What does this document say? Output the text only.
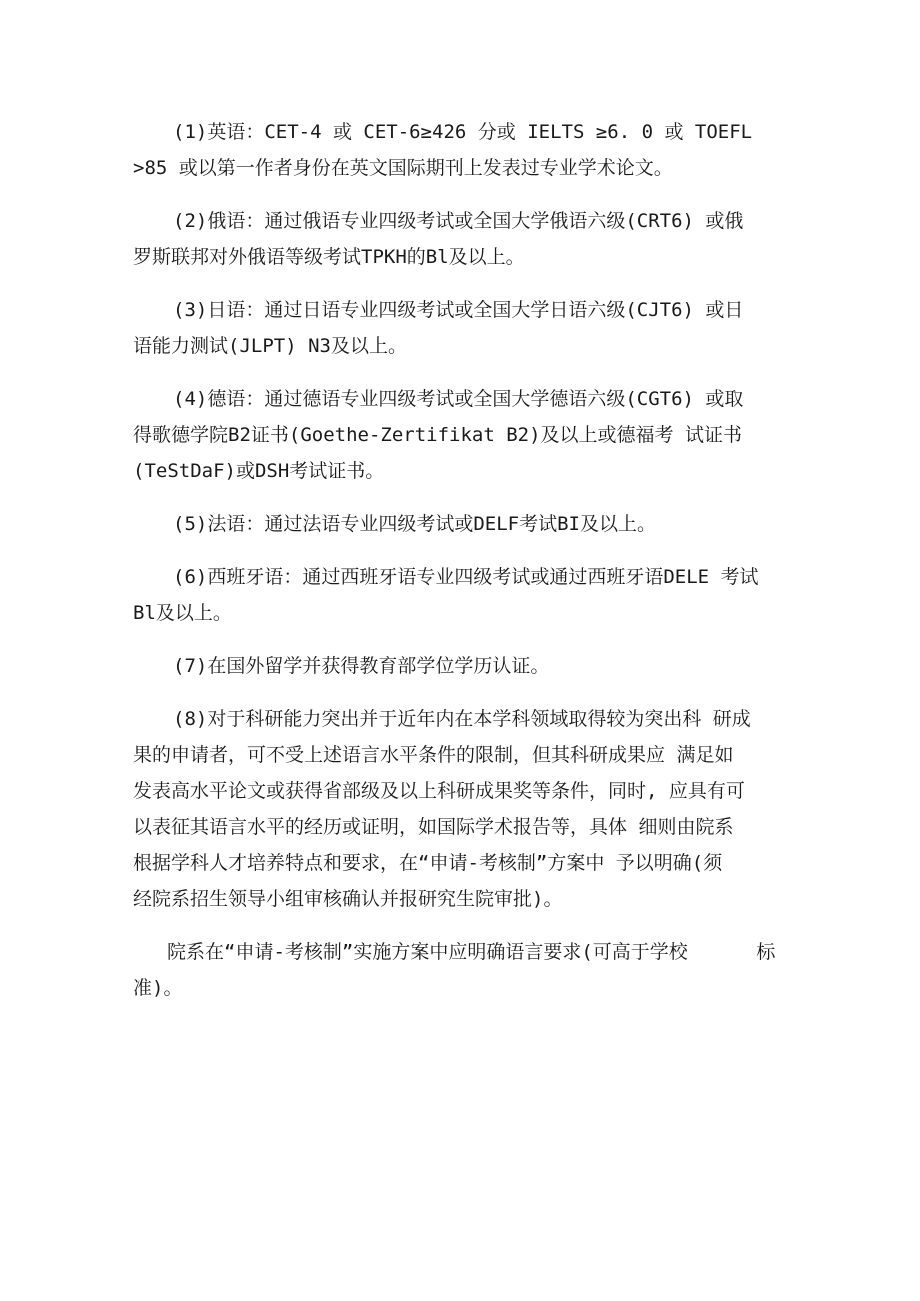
(1)英语：CET-4 或 CET-6≥426 分或 IELTS ≥6. 0 或 TOEFL
>85 或以第一作者身份在英文国际期刊上发表过专业学术论文。
(2)俄语：通过俄语专业四级考试或全国大学俄语六级(CRT6) 或俄
罗斯联邦对外俄语等级考试TPKH的Bl及以上。
(3)日语：通过日语专业四级考试或全国大学日语六级(CJT6) 或日
语能力测试(JLPT) N3及以上。
(4)德语：通过德语专业四级考试或全国大学德语六级(CGT6) 或取
得歌德学院B2证书(Goethe-Zertifikat B2)及以上或德福考 试证书
(TeStDaF)或DSH考试证书。
(5)法语：通过法语专业四级考试或DELF考试BI及以上。
(6)西班牙语：通过西班牙语专业四级考试或通过西班牙语DELE 考试
Bl及以上。
(7)在国外留学并获得教育部学位学历认证。
(8)对于科研能力突出并于近年内在本学科领域取得较为突出科 研成
果的申请者，可不受上述语言水平条件的限制，但其科研成果应 满足如
发表高水平论文或获得省部级及以上科研成果奖等条件，同时, 应具有可
以表征其语言水平的经历或证明，如国际学术报告等，具体 细则由院系
根据学科人才培养特点和要求，在“申请-考核制”方案中 予以明确(须
经院系招生领导小组审核确认并报研究生院审批)。
院系在“申请-考核制”实施方案中应明确语言要求(可高于学校      标
准)。
